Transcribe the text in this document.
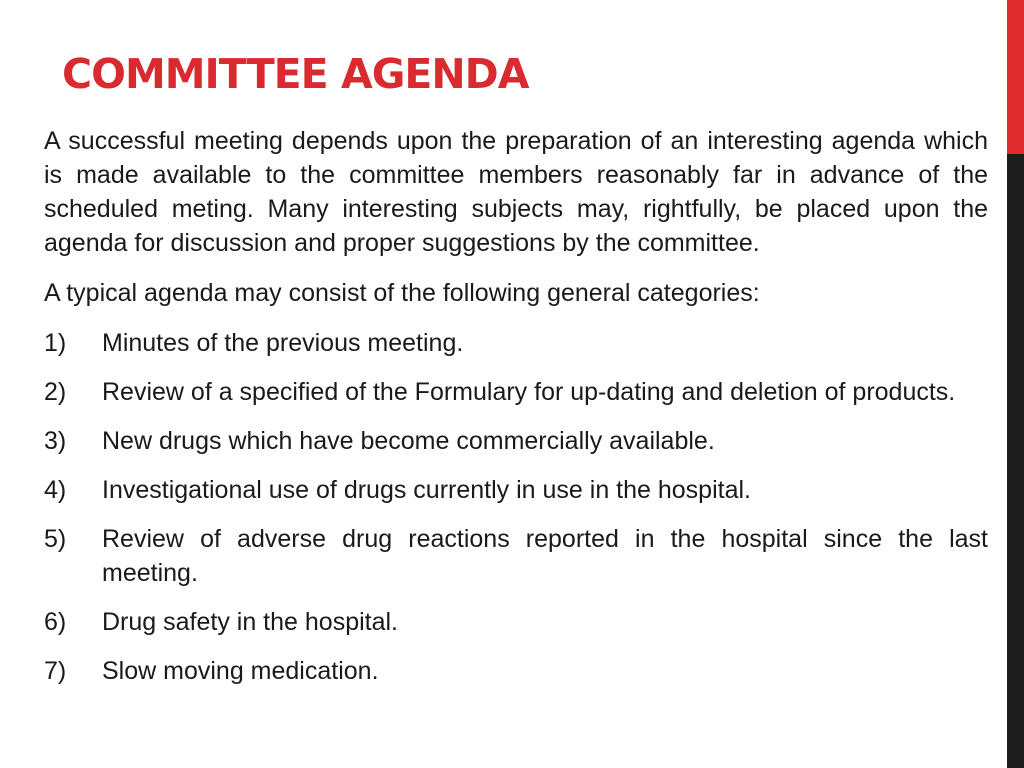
COMMITTEE AGENDA

A successful meeting depends upon the preparation of an interesting agenda which is made available to the committee members reasonably far in advance of the scheduled meting. Many interesting subjects may, rightfully, be placed upon the agenda for discussion and proper suggestions by the committee.

A typical agenda may consist of the following general categories:

1)	Minutes of the previous meeting.
2)	Review of a specified of the Formulary for up-dating and deletion of products.
3)	New drugs which have become commercially available.
4)	Investigational use of drugs currently in use in the hospital.
5)	Review of adverse drug reactions reported in the hospital since the last meeting.
6)	Drug safety in the hospital.
7)	Slow moving medication.
